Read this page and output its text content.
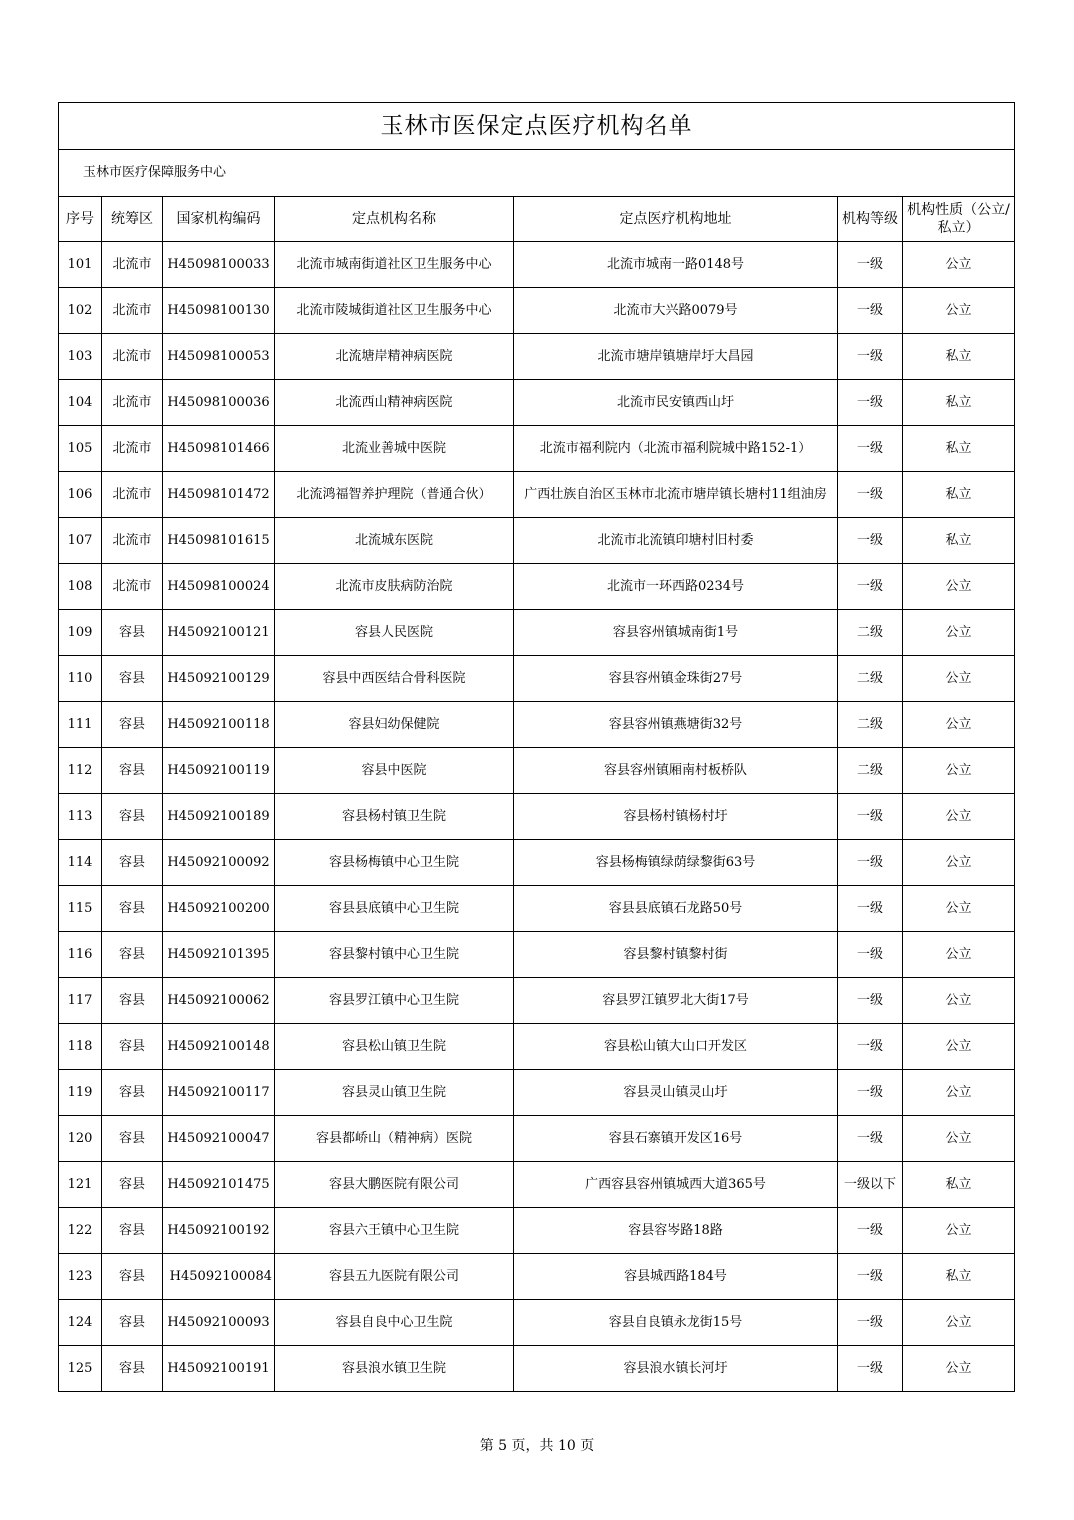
玉林市医保定点医疗机构名单						
玉林市医疗保障服务中心						
序号	统筹区	国家机构编码	定点机构名称	定点医疗机构地址	机构等级	机构性质（公立/私立）
101	北流市	H45098100033	北流市城南街道社区卫生服务中心	北流市城南一路0148号	一级	公立
102	北流市	H45098100130	北流市陵城街道社区卫生服务中心	北流市大兴路0079号	一级	公立
103	北流市	H45098100053	北流塘岸精神病医院	北流市塘岸镇塘岸圩大昌园	一级	私立
104	北流市	H45098100036	北流西山精神病医院	北流市民安镇西山圩	一级	私立
105	北流市	H45098101466	北流业善城中医院	北流市福利院内（北流市福利院城中路152-1）	一级	私立
106	北流市	H45098101472	北流鸿福智养护理院（普通合伙）	广西壮族自治区玉林市北流市塘岸镇长塘村11组油房	一级	私立
107	北流市	H45098101615	北流城东医院	北流市北流镇印塘村旧村委	一级	私立
108	北流市	H45098100024	北流市皮肤病防治院	北流市一环西路0234号	一级	公立
109	容县	H45092100121	容县人民医院	容县容州镇城南街1号	二级	公立
110	容县	H45092100129	容县中西医结合骨科医院	容县容州镇金珠街27号	二级	公立
111	容县	H45092100118	容县妇幼保健院	容县容州镇燕塘街32号	二级	公立
112	容县	H45092100119	容县中医院	容县容州镇厢南村板桥队	二级	公立
113	容县	H45092100189	容县杨村镇卫生院	容县杨村镇杨村圩	一级	公立
114	容县	H45092100092	容县杨梅镇中心卫生院	容县杨梅镇绿荫绿黎街63号	一级	公立
115	容县	H45092100200	容县县底镇中心卫生院	容县县底镇石龙路50号	一级	公立
116	容县	H45092101395	容县黎村镇中心卫生院	容县黎村镇黎村街	一级	公立
117	容县	H45092100062	容县罗江镇中心卫生院	容县罗江镇罗北大街17号	一级	公立
118	容县	H45092100148	容县松山镇卫生院	容县松山镇大山口开发区	一级	公立
119	容县	H45092100117	容县灵山镇卫生院	容县灵山镇灵山圩	一级	公立
120	容县	H45092100047	容县都峤山（精神病）医院	容县石寨镇开发区16号	一级	公立
121	容县	H45092101475	容县大鹏医院有限公司	广西容县容州镇城西大道365号	一级以下	私立
122	容县	H45092100192	容县六王镇中心卫生院	容县容岑路18路	一级	公立
123	容县	H45092100084	容县五九医院有限公司	容县城西路184号	一级	私立
124	容县	H45092100093	容县自良中心卫生院	容县自良镇永龙街15号	一级	公立
125	容县	H45092100191	容县浪水镇卫生院	容县浪水镇长河圩	一级	公立
第 5 页，共 10 页
